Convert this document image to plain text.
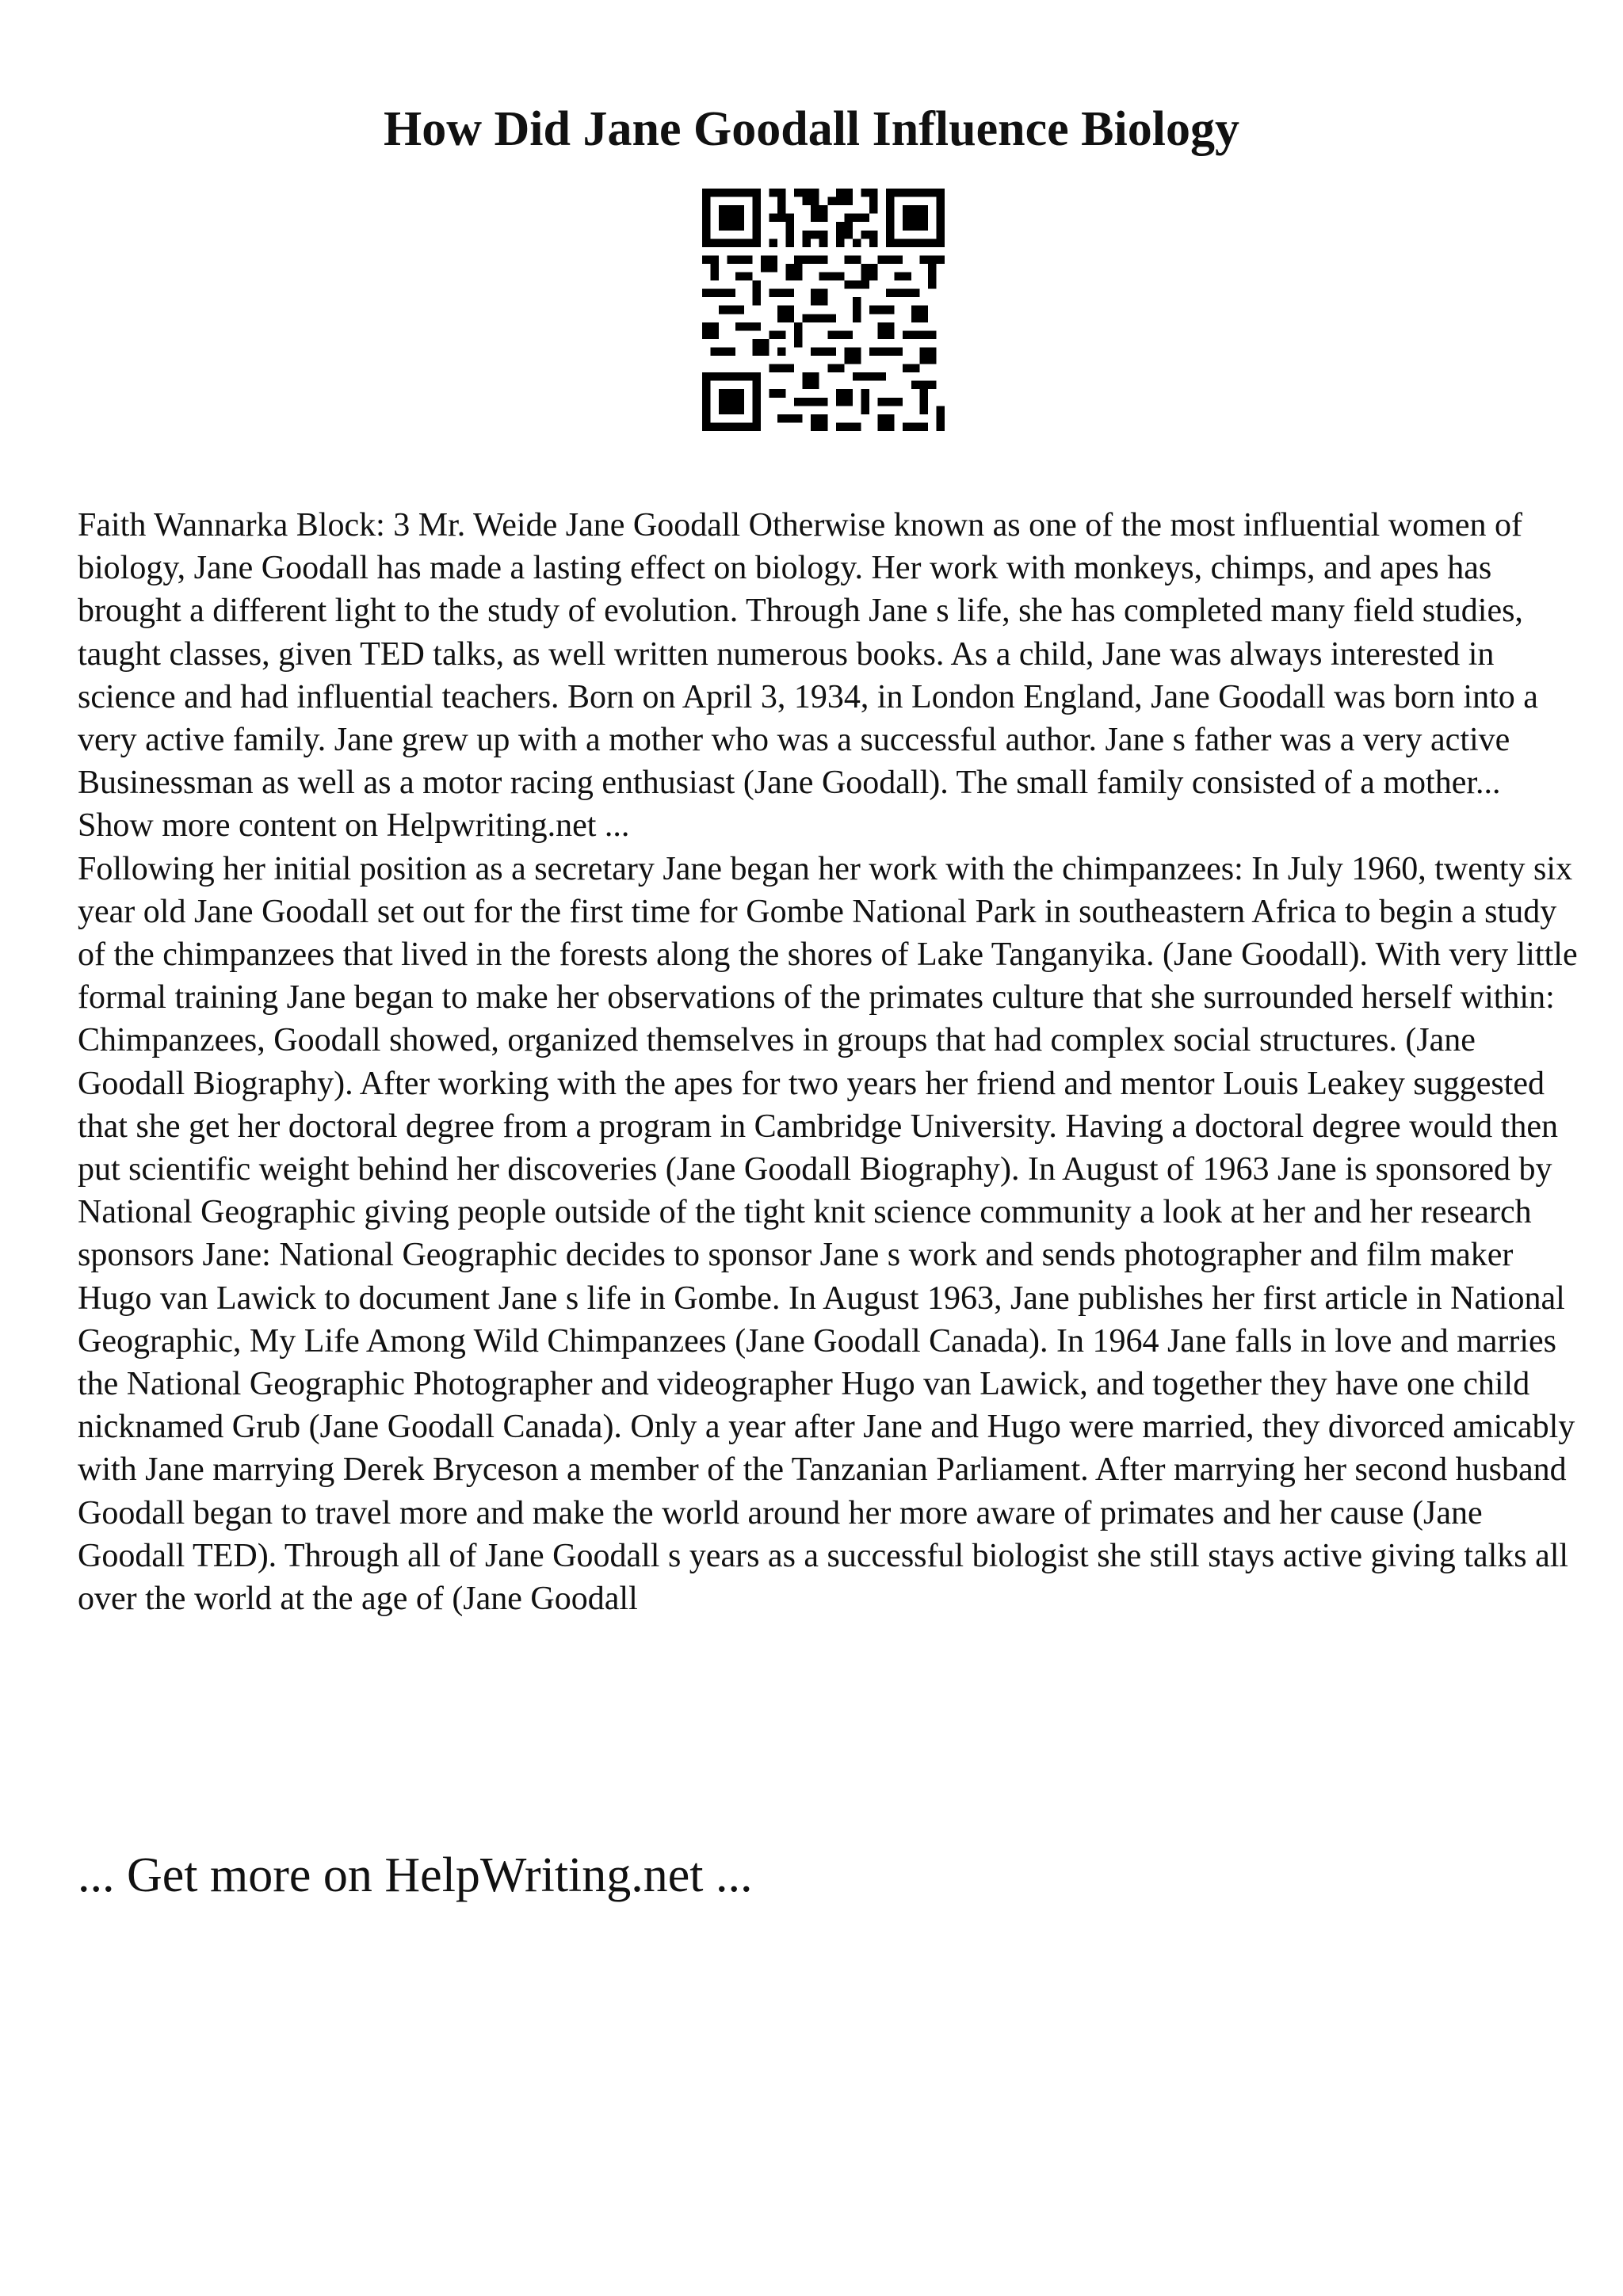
How Did Jane Goodall Influence Biology

Faith Wannarka Block: 3 Mr. Weide Jane Goodall Otherwise known as one of the most influential women of biology, Jane Goodall has made a lasting effect on biology. Her work with monkeys, chimps, and apes has brought a different light to the study of evolution. Through Jane s life, she has completed many field studies, taught classes, given TED talks, as well written numerous books. As a child, Jane was always interested in science and had influential teachers. Born on April 3, 1934, in London England, Jane Goodall was born into a very active family. Jane grew up with a mother who was a successful author. Jane s father was a very active Businessman as well as a motor racing enthusiast (Jane Goodall). The small family consisted of a mother... Show more content on Helpwriting.net ...

Following her initial position as a secretary Jane began her work with the chimpanzees: In July 1960, twenty six year old Jane Goodall set out for the first time for Gombe National Park in southeastern Africa to begin a study of the chimpanzees that lived in the forests along the shores of Lake Tanganyika. (Jane Goodall). With very little formal training Jane began to make her observations of the primates culture that she surrounded herself within: Chimpanzees, Goodall showed, organized themselves in groups that had complex social structures. (Jane Goodall Biography). After working with the apes for two years her friend and mentor Louis Leakey suggested that she get her doctoral degree from a program in Cambridge University. Having a doctoral degree would then put scientific weight behind her discoveries (Jane Goodall Biography). In August of 1963 Jane is sponsored by National Geographic giving people outside of the tight knit science community a look at her and her research sponsors Jane: National Geographic decides to sponsor Jane s work and sends photographer and film maker Hugo van Lawick to document Jane s life in Gombe. In August 1963, Jane publishes her first article in National Geographic, My Life Among Wild Chimpanzees (Jane Goodall Canada). In 1964 Jane falls in love and marries the National Geographic Photographer and videographer Hugo van Lawick, and together they have one child nicknamed Grub (Jane Goodall Canada). Only a year after Jane and Hugo were married, they divorced amicably with Jane marrying Derek Bryceson a member of the Tanzanian Parliament. After marrying her second husband Goodall began to travel more and make the world around her more aware of primates and her cause (Jane Goodall TED). Through all of Jane Goodall s years as a successful biologist she still stays active giving talks all over the world at the age of (Jane Goodall

... Get more on HelpWriting.net ...
